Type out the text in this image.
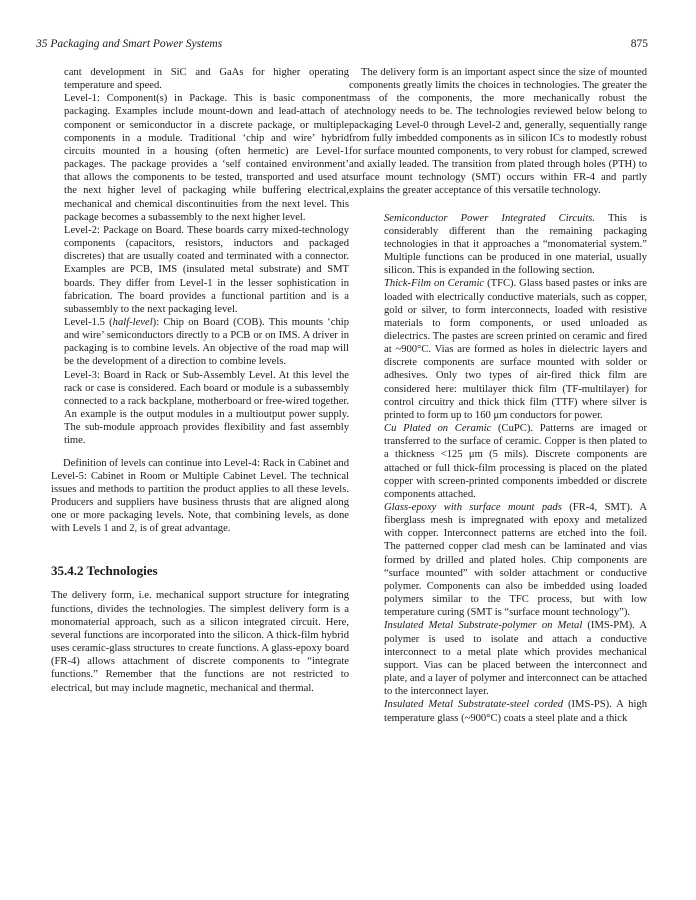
35 Packaging and Smart Power Systems	875

cant development in SiC and GaAs for higher operating temperature and speed.

Level-1: Component(s) in Package. This is basic component packaging. Examples include mount-down and lead-attach of a component or semiconductor in a discrete package, or multiple components in a module. Traditional ‘chip and wire’ hybrid circuits mounted in a housing (often hermetic) are Level-1 packages. The package provides a ‘self contained environment’ that allows the components to be tested, transported and used at the next higher level of packaging while buffering electrical, mechanical and chemical discontinuities from the next level. This package becomes a subassembly to the next higher level.

Level-2: Package on Board. These boards carry mixed-technology components (capacitors, resistors, inductors and packaged discretes) that are usually coated and terminated with a connector. Examples are PCB, IMS (insulated metal substrate) and SMT boards. They differ from Level-1 in the lesser sophistication in fabrication. The board provides a functional partition and is a subassembly to the next packaging level.

Level-1.5 (half-level): Chip on Board (COB). This mounts ‘chip and wire’ semiconductors directly to a PCB or on IMS. A driver in packaging is to combine levels. An objective of the road map will be the development of a direction to combine levels.

Level-3: Board in Rack or Sub-Assembly Level. At this level the rack or case is considered. Each board or module is a subassembly connected to a rack backplane, motherboard or free-wired together. An example is the output modules in a multioutput power supply. The sub-module approach provides flexibility and fast assembly time.

Definition of levels can continue into Level-4: Rack in Cabinet and Level-5: Cabinet in Room or Multiple Cabinet Level. The technical issues and methods to partition the product applies to all these levels. Producers and suppliers have business thrusts that are aligned along one or more packaging levels. Note, that combining levels, as done with Levels 1 and 2, is of great advantage.

35.4.2 Technologies

The delivery form, i.e. mechanical support structure for integrating functions, divides the technologies. The simplest delivery form is a monomaterial approach, such as a silicon integrated circuit. Here, several functions are incorporated into the silicon. A thick-film hybrid uses ceramic-glass structures to create functions. A glass-epoxy board (FR-4) allows attachment of discrete components to “integrate functions.” Remember that the functions are not restricted to electrical, but may include magnetic, mechanical and thermal.

The delivery form is an important aspect since the size of mounted components greatly limits the choices in technologies. The greater the mass of the components, the more mechanically robust the technology needs to be. The technologies reviewed below belong to packaging Level-0 through Level-2 and, generally, sequentially range from fully imbedded components as in silicon ICs to modestly robust for surface mounted components, to very robust for clamped, screwed and axially leaded. The transition from plated through holes (PTH) to surface mount technology (SMT) occurs within FR-4 and partly explains the greater acceptance of this versatile technology.

Semiconductor Power Integrated Circuits. This is considerably different than the remaining packaging technologies in that it approaches a “monomaterial system.” Multiple functions can be produced in one material, usually silicon. This is expanded in the following section.

Thick-Film on Ceramic (TFC). Glass based pastes or inks are loaded with electrically conductive materials, such as copper, gold or silver, to form interconnects, loaded with resistive materials to form components, or used unloaded as dielectrics. The pastes are screen printed on ceramic and fired at ~900°C. Vias are formed as holes in dielectric layers and discrete components are surface mounted with solder or adhesives. Only two types of air-fired thick film are considered here: multilayer thick film (TF-multilayer) for control circuitry and thick thick film (TTF) where silver is printed to form up to 160 μm conductors for power.

Cu Plated on Ceramic (CuPC). Patterns are imaged or transferred to the surface of ceramic. Copper is then plated to a thickness <125 μm (5 mils). Discrete components are attached or full thick-film processing is placed on the plated copper with screen-printed components imbedded or discrete components attached.

Glass-epoxy with surface mount pads (FR-4, SMT). A fiberglass mesh is impregnated with epoxy and metalized with copper. Interconnect patterns are etched into the foil. The patterned copper clad mesh can be laminated and vias formed by drilled and plated holes. Chip components are “surface mounted” with solder attachment or conductive polymer. Components can also be imbedded using loaded polymers similar to the TFC process, but with low temperature curing (SMT is “surface mount technology”).

Insulated Metal Substrate-polymer on Metal (IMS-PM). A polymer is used to isolate and attach a conductive interconnect to a metal plate which provides mechanical support. Vias can be placed between the interconnect and plate, and a layer of polymer and interconnect can be attached to the interconnect layer.

Insulated Metal Substratate-steel corded (IMS-PS). A high temperature glass (~900°C) coats a steel plate and a thick
